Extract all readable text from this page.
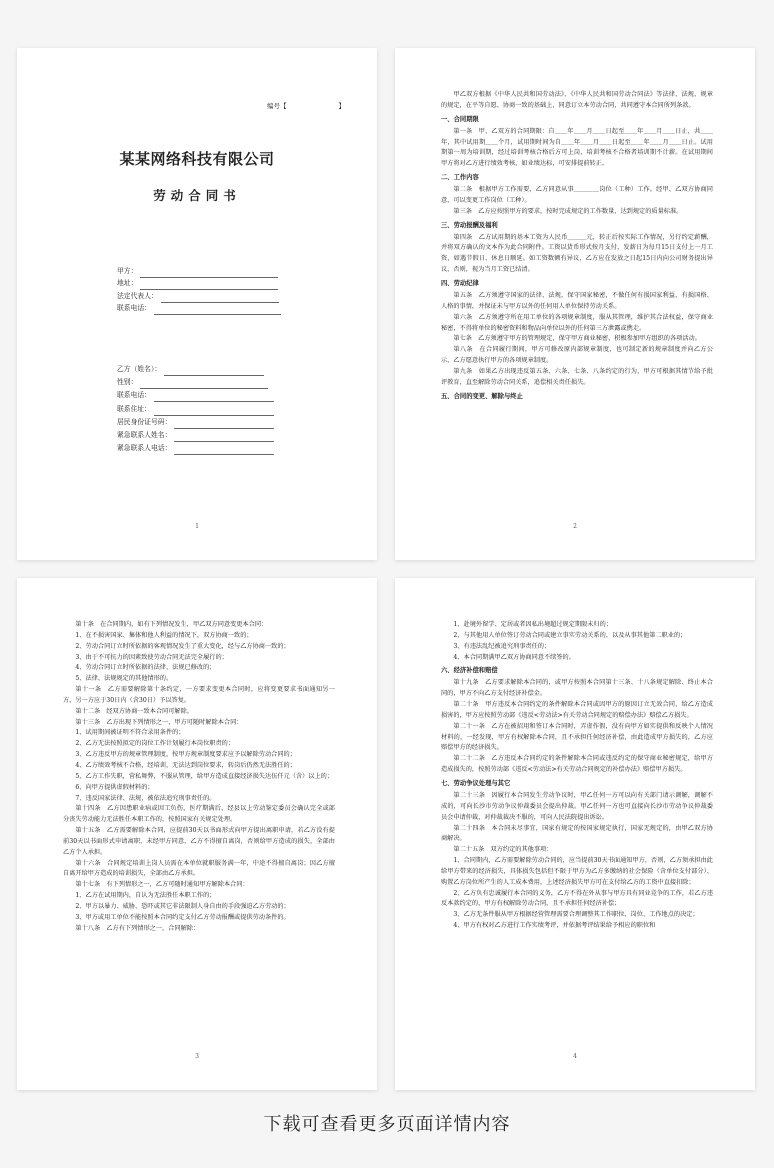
编号【	】
某某网络科技有限公司
劳动合同书
甲方：
地址：
法定代表人：
联系电话：
乙方（姓名）：
性别：
联系电话：
联系住址：
居民身份证号码：
紧急联系人姓名：
紧急联系人电话：
1

甲乙双方根据《中华人民共和国劳动法》、《中华人民共和国劳动合同法》等法律、法规、规章的规定，在平等自愿、协商一致的基础上，同意订立本劳动合同，共同遵守本合同所列条款。

一、合同期限

第一条　甲、乙双方的合同期限：自＿＿年＿＿月＿＿日起至＿＿年＿＿月＿＿日止，共＿＿年，其中试用期＿＿个月，试用期时间为自＿＿年＿＿月＿＿日起至＿＿年＿＿月＿＿日止。试用期第一周为培训期，经过培训考核合格后方可上岗，培训考核不合格者培训期不计薪。在试用期间甲方将对乙方进行绩效考核，如业绩达标，可安排提前转正。

二、工作内容

第二条　根据甲方工作需要，乙方同意从事＿＿＿＿岗位（工种）工作。经甲、乙双方协商同意，可以变更工作岗位（工种）。

第三条　乙方应按照甲方的要求，按时完成规定的工作数量，达到规定的质量标准。

三、劳动报酬及福利

第四条　乙方试用期的基本工资为人民币＿＿＿元，转正后按实际工作情况，另行约定薪酬，并将双方确认的文本作为此合同附件。工资以货币形式按月支付，发薪日为每月15日支付上一月工资，如遇节假日、休息日顺延。如工资数额有异议，乙方应在发放之日起15日内向公司财务提出异议，否则，视为当月工资已结清。

四、劳动纪律

第五条　乙方须遵守国家的法律、法规，保守国家秘密，不做任何有损国家利益、有损国格、人格的事情，并保证未与甲方以外的任何用人单位保持劳动关系。

第六条　乙方须遵守所在用工单位的各项规章制度，服从其管理，维护其合法权益，保守商业秘密，不得将单位的秘密资料和物品向单位以外的任何第三方泄露或携走。

第七条　乙方须遵守甲方的管理规定，保守甲方商业秘密，积极参加甲方组织的各项活动。

第八条　在合同履行期间，甲方可修改原内部规章制度，也可制定新的规章制度并向乙方公示，乙方愿意执行甲方的各项规章制度。

第九条　如果乙方出现违反第五条、六条、七条、八条约定的行为，甲方可根据其情节给予批评教育，直至解除劳动合同关系，追偿相关责任损失。

五、合同的变更、解除与终止
2

第十条　在合同期内，如有下列情况发生，甲乙双方同意变更本合同：

1、在不损害国家、集体和他人利益的情况下，双方协商一致的；

2、劳动合同订立时所依据的客观情况发生了重大变化，经与乙方协商一致的；

3、由于不可抗力的因素致使劳动合同无法完全履行的；

4、劳动合同订立时所依据的法律、法规已修改的；

5、法律、法规规定的其他情形的。

第十一条　乙方需要解除第十条约定，一方要求变更本合同时，应将变更要求书面通知另一方，另一方应于30日内（含30日）予以答复。

第十二条　经双方协商一致本合同可解除。

第十三条　乙方出现下列情形之一，甲方可随时解除本合同：

1、试用期间被证明不符合录用条件的；

2、乙方无法按照拟定的岗位工作计划履行本岗位职责的；

3、乙方违反甲方的规章管理制度，按甲方规章制度要求应予以解除劳动合同的；

4、乙方绩效考核不合格，经培训，无法达到岗位要求，转岗后仍然无法胜任的；

5、乙方工作失职，营私舞弊，不服从管理，给甲方造成直接经济损失达伍仟元（含）以上的；

6、向甲方提供虚假材料的；

7、违反国家法律、法规，被依法追究刑事责任的。

第十四条　乙方因患职业病或因工负伤，医疗期满后，经县以上劳动鉴定委员会确认完全或部分丧失劳动能力无法胜任本职工作的，按照国家有关规定处理。

第十五条　乙方需要解除本合同，应提前30天以书面形式向甲方提出离职申请，若乙方没有提前30天以书面形式申请离职，未经甲方同意，乙方不得擅自离岗，否则给甲方造成的损失，全部由乙方个人承担。

第十六条　合同规定培训上岗人员需在本单位就职服务满一年，中途不得擅自离岗；因乙方擅自离开给甲方造成的培训损失，全部由乙方承担。

第十七条　有下列情形之一，乙方可随时通知甲方解除本合同：

1、乙方在试用期内，自认为无法胜任本职工作的；

2、甲方以暴力、威胁、恐吓或其它非法限制人身自由的手段强迫乙方劳动的；

3、甲方或用工单位不能按照本合同约定支付乙方劳动报酬或提供劳动条件的。

第十八条　乙方有下列情形之一，合同解除：

3

1、赴境外留学、定居或者因私出境超过规定期限未归的；

2、与其他用人单位签订劳动合同或建立事实劳动关系的，以及从事其他第二职业的；

3、有违法乱纪被追究刑事责任的；

4、本合同期满甲乙双方协商同意不续签的。

六、经济补偿和赔偿

第十九条　乙方要求解除本合同的，或甲方按照本合同第十三条、十八条规定解除、终止本合同的，甲方不向乙方支付经济补偿金。

第二十条　甲方违反本合同约定的条件解除本合同或因甲方的原因订立无效合同，给乙方造成损害的，甲方应按照劳动部《违反<劳动法>有关劳动合同规定的赔偿办法》赔偿乙方损失。

第二十一条　乙方在被招用和签订本合同时，弄虚作假，没有向甲方如实提供和反映个人情况材料的，一经发现，甲方有权解除本合同，且不承担任何经济补偿，由此造成甲方损失的，乙方应赔偿甲方的经济损失。

第二十二条　乙方违反本合同约定的条件解除本合同或违反约定的保守商业秘密规定，给甲方造成损失的，按照劳动部《违反<劳动法>有关劳动合同规定的补偿办法》赔偿甲方损失。

七、劳动争议处理与其它

第二十三条　因履行本合同发生劳动争议时，甲乙任何一方可以向有关部门请示调解，调解不成的，可向长沙市劳动争议仲裁委员会提出仲裁。甲乙任何一方也可直接向长沙市劳动争议仲裁委员会申请仲裁，对仲裁裁决不服的，可向人民法院提出诉讼。

第二十四条　本合同未尽事宜，国家有规定的按国家规定执行，国家无规定的，由甲乙双方协商解决。

第二十五条　双方约定的其他事项：

1、合同期内，乙方需要解除劳动合同的，应当提前30天书面通知甲方，否则，乙方须承担由此给甲方带来的经济损失，具体损失包括但不限于甲方为乙方多缴纳的社会保险（含单位支付部分）、购置乙方岗位所产生的人工成本费用，上述经济损失甲方可在支付给乙方的工资中直接扣除；

2、乙方负有忠诚履行本合同的义务，乙方不得在外从事与甲方具有同业竞争的工作，若乙方违反本款约定的，甲方有权解除劳动合同，且不承担任何经济补偿；

3、乙方无条件服从甲方根据经营管理需要合理调整其工作职位、岗位、工作地点的决定；

4、甲方有权对乙方进行工作实绩考评，并依据考评结果给予相应的职位和

4
下载可查看更多页面详情内容
